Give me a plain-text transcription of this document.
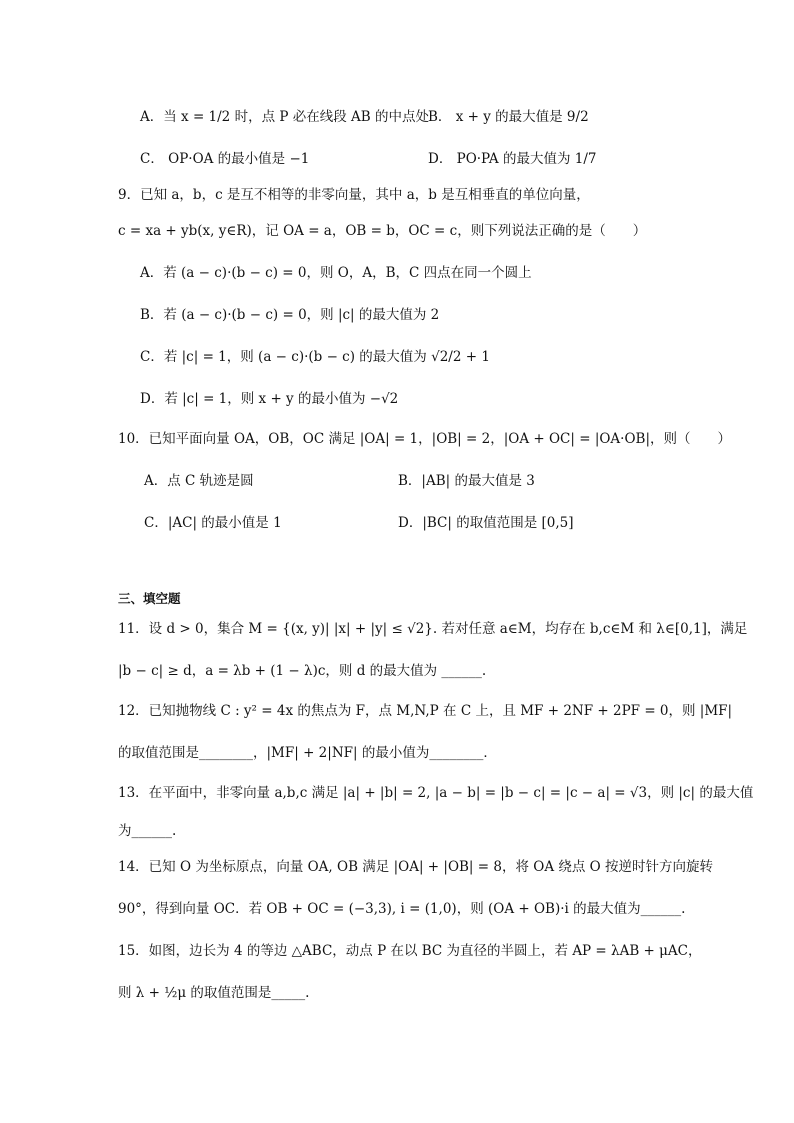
A．当 x = 1/2 时，点 P 必在线段 AB 的中点处 B． x + y 的最大值是 9/2
C． OP·OA 的最小值是 −1	D． PO·PA 的最大值为 1/7
9．已知 a，b，c 是互不相等的非零向量，其中 a，b 是互相垂直的单位向量，
c = xa + yb(x, y∈R)，记 OA = a，OB = b，OC = c，则下列说法正确的是（　　）
A．若 (a − c)·(b − c) = 0，则 O，A，B，C 四点在同一个圆上
B．若 (a − c)·(b − c) = 0，则 |c| 的最大值为 2
C．若 |c| = 1，则 (a − c)·(b − c) 的最大值为 √2/2 + 1
D．若 |c| = 1，则 x + y 的最小值为 −√2
10．已知平面向量 OA，OB，OC 满足 |OA| = 1，|OB| = 2，|OA + OC| = |OA·OB|，则（　　）
A．点 C 轨迹是圆	B．|AB| 的最大值是 3
C．|AC| 的最小值是 1	D．|BC| 的取值范围是 [0,5]
三、填空题
11．设 d > 0，集合 M = {(x, y)| |x| + |y| ≤ √2}. 若对任意 a∈M，均存在 b,c∈M 和 λ∈[0,1]，满足
|b − c| ≥ d，a = λb + (1 − λ)c，则 d 的最大值为 ______.
12．已知抛物线 C : y² = 4x 的焦点为 F，点 M,N,P 在 C 上，且 MF + 2NF + 2PF = 0，则 |MF|
的取值范围是________，|MF| + 2|NF| 的最小值为________．
13．在平面中，非零向量 a,b,c 满足 |a| + |b| = 2, |a − b| = |b − c| = |c − a| = √3，则 |c| 的最大值
为______.
14．已知 O 为坐标原点，向量 OA, OB 满足 |OA| + |OB| = 8，将 OA 绕点 O 按逆时针方向旋转
90°，得到向量 OC．若 OB + OC = (−3,3), i = (1,0)，则 (OA + OB)·i 的最大值为______.
15．如图，边长为 4 的等边 △ABC，动点 P 在以 BC 为直径的半圆上，若 AP = λAB + μAC，
则 λ + ½μ 的取值范围是_____.
